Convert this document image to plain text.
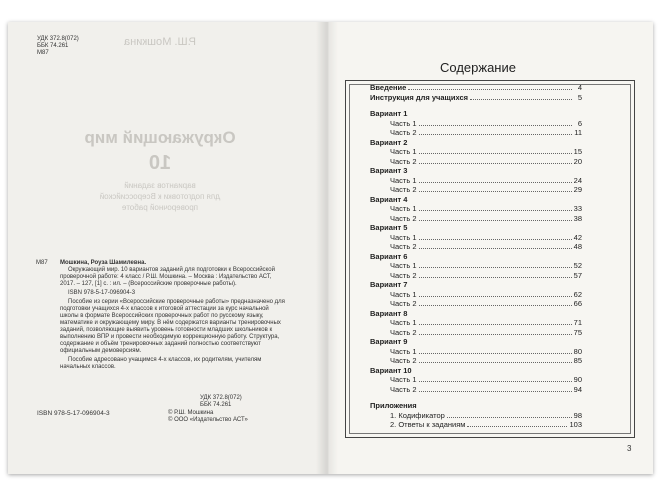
УДК 372.8(072)
ББК 74.261
М87
Р.Ш. Мошкина
Окружающий мир
10
вариантов заданий
для подготовки к Всероссийской
проверочной работе
М87	Мошкина, Роуза Шамилевна.

Окружающий мир. 10 вариантов заданий для подготовки к Всероссийской проверочной работе: 4 класс / Р.Ш. Мошкина. – Москва : Издательство АСТ, 2017. – 127, [1] с. : ил. – (Всероссийские проверочные работы).

ISBN 978-5-17-096904-3

Пособие из серии «Всероссийские проверочные работы» предназначено для подготовки учащихся 4-х классов к итоговой аттестации за курс начальной школы в формате Всероссийских проверочных работ по русскому языку, математике и окружающему миру. В нём содержатся варианты тренировочных заданий, позволяющие выявить уровень готовности младших школьников к выполнению ВПР и провести необходимую коррекционную работу. Структура, содержание и объём тренировочных заданий полностью соответствуют официальным демоверсиям.

Пособие адресовано учащимся 4-х классов, их родителям, учителям начальных классов.

УДК 372.8(072)
ББК 74.261
ISBN 978-5-17-096904-3	© Р.Ш. Мошкина
© ООО «Издательство АСТ»
Содержание
Введение	4
Инструкция для учащихся	5
Вариант 1
Часть 1	6
Часть 2	11
Вариант 2
Часть 1	15
Часть 2	20
Вариант 3
Часть 1	24
Часть 2	29
Вариант 4
Часть 1	33
Часть 2	38
Вариант 5
Часть 1	42
Часть 2	48
Вариант 6
Часть 1	52
Часть 2	57
Вариант 7
Часть 1	62
Часть 2	66
Вариант 8
Часть 1	71
Часть 2	75
Вариант 9
Часть 1	80
Часть 2	85
Вариант 10
Часть 1	90
Часть 2	94
Приложения
1. Кодификатор	98
2. Ответы к заданиям	103
3
